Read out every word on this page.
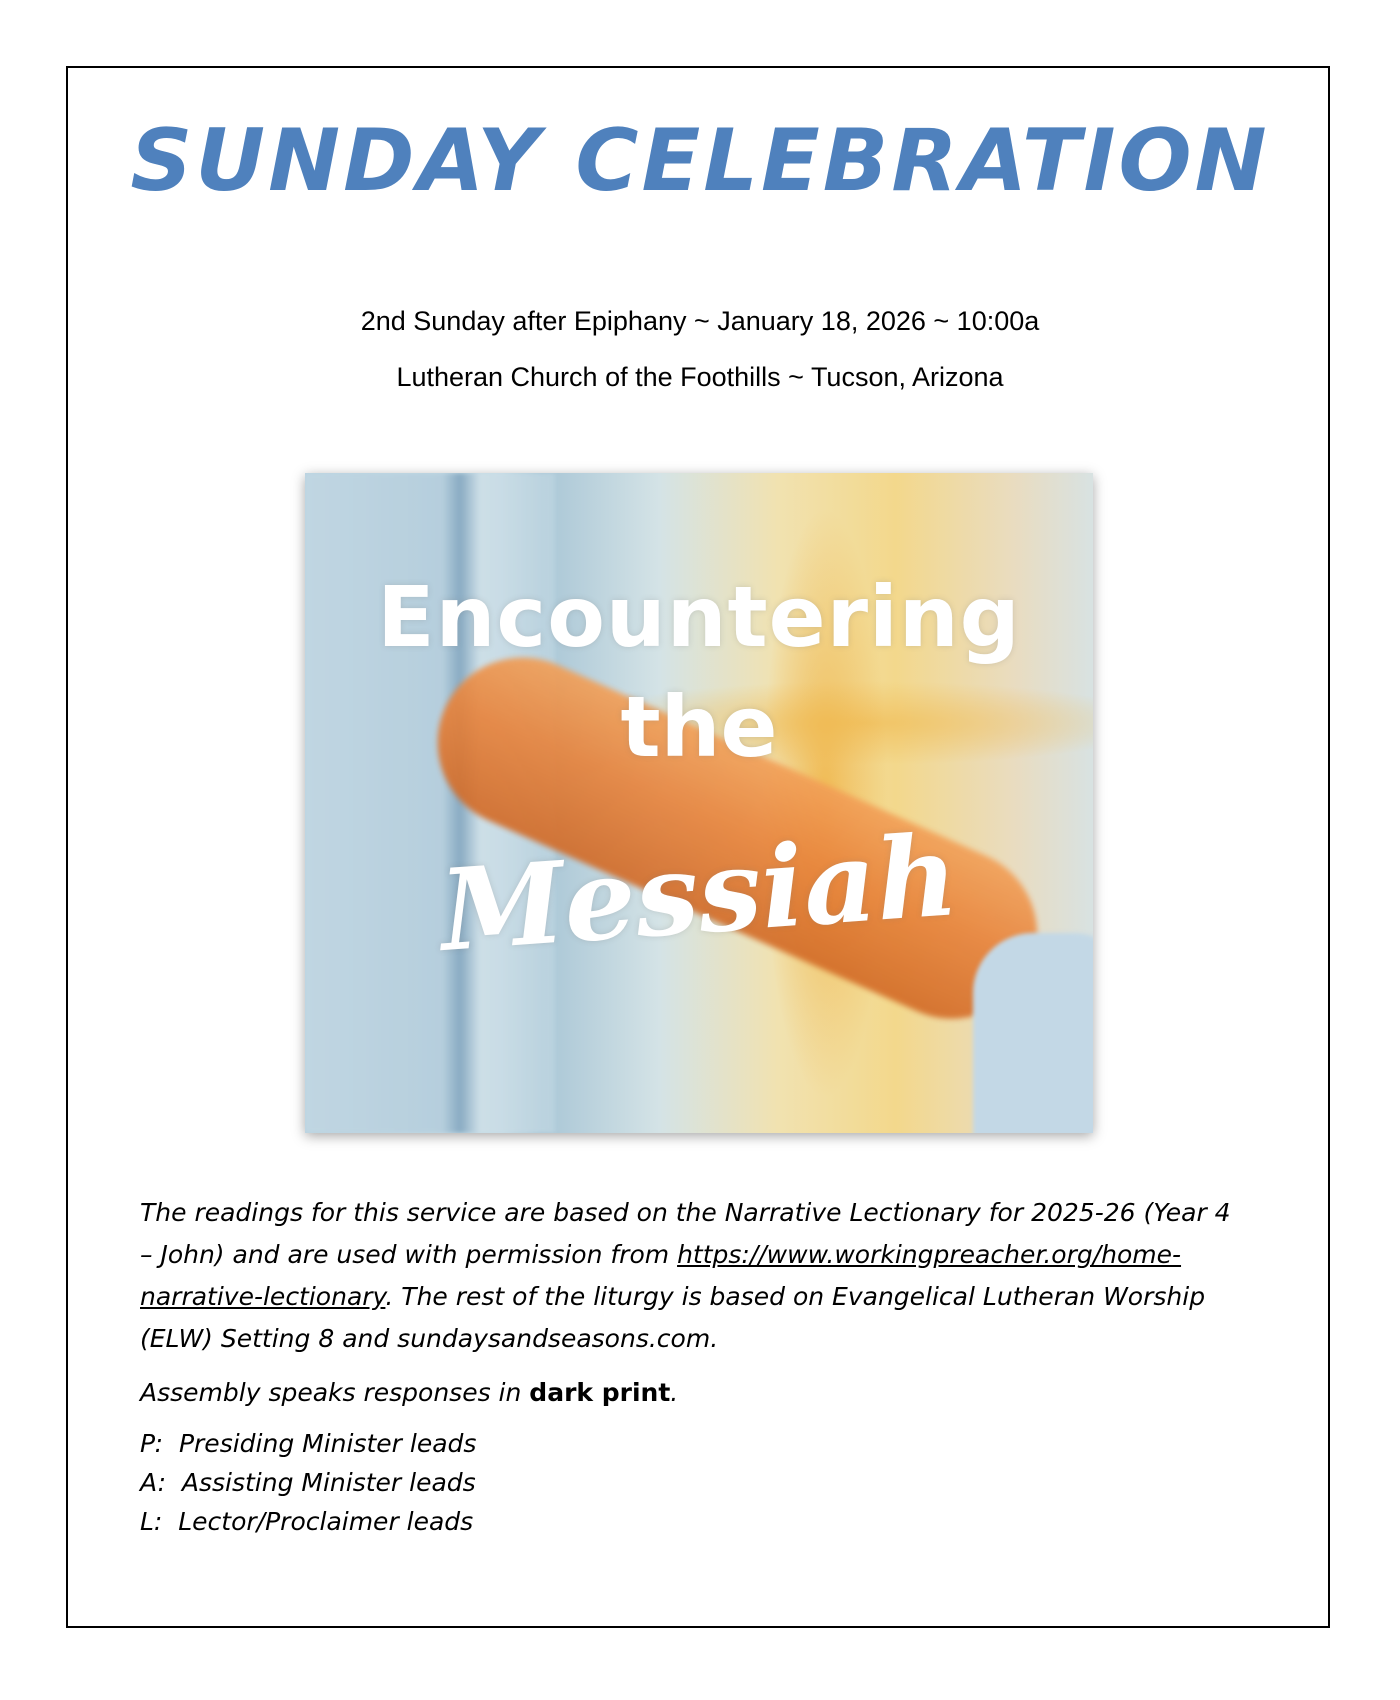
SUNDAY CELEBRATION
2nd Sunday after Epiphany ~ January 18, 2026 ~ 10:00a
Lutheran Church of the Foothills ~ Tucson, Arizona
Encountering
the
Messiah
The readings for this service are based on the Narrative Lectionary for 2025-26 (Year 4 – John) and are used with permission from https://www.workingpreacher.org/home-narrative-lectionary. The rest of the liturgy is based on Evangelical Lutheran Worship (ELW) Setting 8 and sundaysandseasons.com.
Assembly speaks responses in dark print.
P:  Presiding Minister leads
A:  Assisting Minister leads
L:  Lector/Proclaimer leads
